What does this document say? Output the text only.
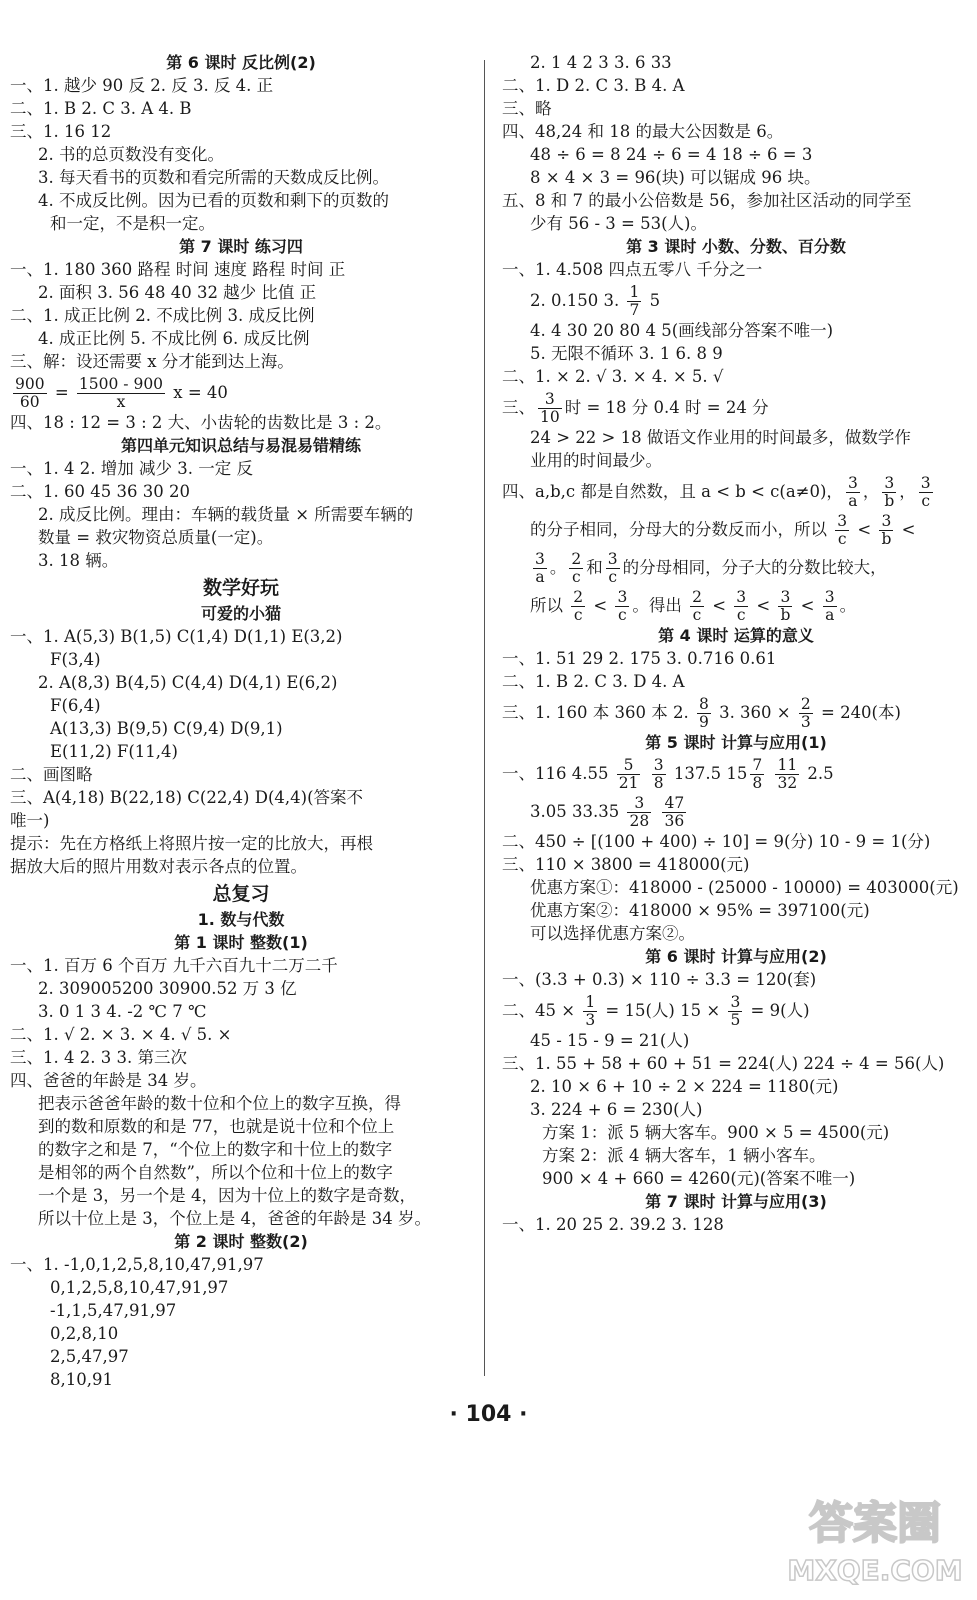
第 6 课时 反比例(2)
一、1. 越少 90 反 2. 反 3. 反 4. 正
二、1. B 2. C 3. A 4. B
三、1. 16 12
2. 书的总页数没有变化。
3. 每天看书的页数和看完所需的天数成反比例。
4. 不成反比例。因为已看的页数和剩下的页数的
和一定，不是积一定。
第 7 课时 练习四
一、1. 180 360 路程 时间 速度 路程 时间 正
2. 面积 3. 56 48 40 32 越少 比值 正
二、1. 成正比例 2. 不成比例 3. 成反比例
4. 成正比例 5. 不成比例 6. 成反比例
三、解：设还需要 x 分才能到达上海。
$\frac{900}{60} = \frac{1500 - 900}{x}$ x = 40
四、18 : 12 = 3 : 2 大、小齿轮的齿数比是 3 : 2。
第四单元知识总结与易混易错精练
一、1. 4 2. 增加 减少 3. 一定 反
二、1. 60 45 36 30 20
2. 成反比例。理由：车辆的载货量 × 所需要车辆的
数量 = 救灾物资总质量(一定)。
3. 18 辆。
数学好玩
可爱的小猫
一、1. A(5,3) B(1,5) C(1,4) D(1,1) E(3,2)
F(3,4)
2. A(8,3) B(4,5) C(4,4) D(4,1) E(6,2)
F(6,4)
A(13,3) B(9,5) C(9,4) D(9,1)
E(11,2) F(11,4)
二、画图略
三、A(4,18) B(22,18) C(22,4) D(4,4)(答案不
唯一)
提示：先在方格纸上将照片按一定的比放大，再根
据放大后的照片用数对表示各点的位置。
总复习
1. 数与代数
第 1 课时 整数(1)
一、1. 百万 6 个百万 九千六百九十二万二千
2. 309005200 30900.52 万 3 亿
3. 0 1 3 4. -2 ℃ 7 ℃
二、1. √ 2. × 3. × 4. √ 5. ×
三、1. 4 2. 3 3. 第三次
四、爸爸的年龄是 34 岁。
把表示爸爸年龄的数十位和个位上的数字互换，得
到的数和原数的和是 77，也就是说十位和个位上
的数字之和是 7，“个位上的数字和十位上的数字
是相邻的两个自然数”，所以个位和十位上的数字
一个是 3，另一个是 4，因为十位上的数字是奇数，
所以十位上是 3，个位上是 4，爸爸的年龄是 34 岁。
第 2 课时 整数(2)
一、1. -1,0,1,2,5,8,10,47,91,97
0,1,2,5,8,10,47,91,97
-1,1,5,47,91,97
0,2,8,10
2,5,47,97
8,10,91
2. 1 4 2 3 3. 6 33
二、1. D 2. C 3. B 4. A
三、略
四、48,24 和 18 的最大公因数是 6。
48 ÷ 6 = 8 24 ÷ 6 = 4 18 ÷ 6 = 3
8 × 4 × 3 = 96(块) 可以锯成 96 块。
五、8 和 7 的最小公倍数是 56，参加社区活动的同学至
少有 56 - 3 = 53(人)。
第 3 课时 小数、分数、百分数
一、1. 4.508 四点五零八 千分之一
2. 0.150 3. $\frac{1}{7} 5$
4. 4 30 20 80 4 5(画线部分答案不唯一)
5. 无限不循环 3. 1 6. 8 9
二、1. × 2. √ 3. × 4. × 5. √
三、 $\frac{3}{10}$ 时 = 18 分 0.4 时 = 24 分
24 > 22 > 18 做语文作业用的时间最多，做数学作
业用的时间最少。
四、a,b,c 都是自然数，且 a < b < c(a≠0)， $\frac{3}{a}$ ， $\frac{3}{b}$ ， $\frac{3}{c}$
的分子相同，分母大的分数反而小，所以 $\frac{3}{c} < \frac{3}{b}$ <
$\frac{3}{a}$ 。 $\frac{2}{c}$ 和 $\frac{3}{c}$ 的分母相同，分子大的分数比较大，
所以 $\frac{2}{c} < \frac{3}{c}$ 。得出 $\frac{2}{c} < \frac{3}{c} < \frac{3}{b} < \frac{3}{a}$ 。
第 4 课时 运算的意义
一、1. 51 29 2. 175 3. 0.716 0.61
二、1. B 2. C 3. D 4. A
三、1. 160 本 360 本 2. $\frac{8}{9} 3$. $360 \times \frac{2}{3} = 240$(本)
第 5 课时 计算与应用(1)
一、116 $4.55 \frac{5}{21}$
$\frac{3}{8} 137.5$ $15 \frac{7}{8}$
$\frac{11}{32} 2.5$
3.05 $33.35 \frac{3}{28}$
$\frac{47}{36}$
二、450 ÷ [(100 + 400) ÷ 10] = 9(分) 10 - 9 = 1(分)
三、110 × 3800 = 418000(元)
优惠方案①：418000 - (25000 - 10000) = 403000(元)
优惠方案②：418000 × 95% = 397100(元)
可以选择优惠方案②。
第 6 课时 计算与应用(2)
一、(3.3 + 0.3) × 110 ÷ 3.3 = 120(套)
二、$45 \times \frac{1}{3} = 15$(人) $15 \times \frac{3}{5} = 9$(人)
45 - 15 - 9 = 21(人)
三、1. 55 + 58 + 60 + 51 = 224(人) 224 ÷ 4 = 56(人)
2. 10 × 6 + 10 ÷ 2 × 224 = 1180(元)
3. 224 + 6 = 230(人)
方案 1：派 5 辆大客车。900 × 5 = 4500(元)
方案 2：派 4 辆大客车，1 辆小客车。
900 × 4 + 660 = 4260(元)(答案不唯一)
第 7 课时 计算与应用(3)
一、1. 20 25 2. 39.2 3. 128
· 104 ·
答案圈
MXQE.COM
